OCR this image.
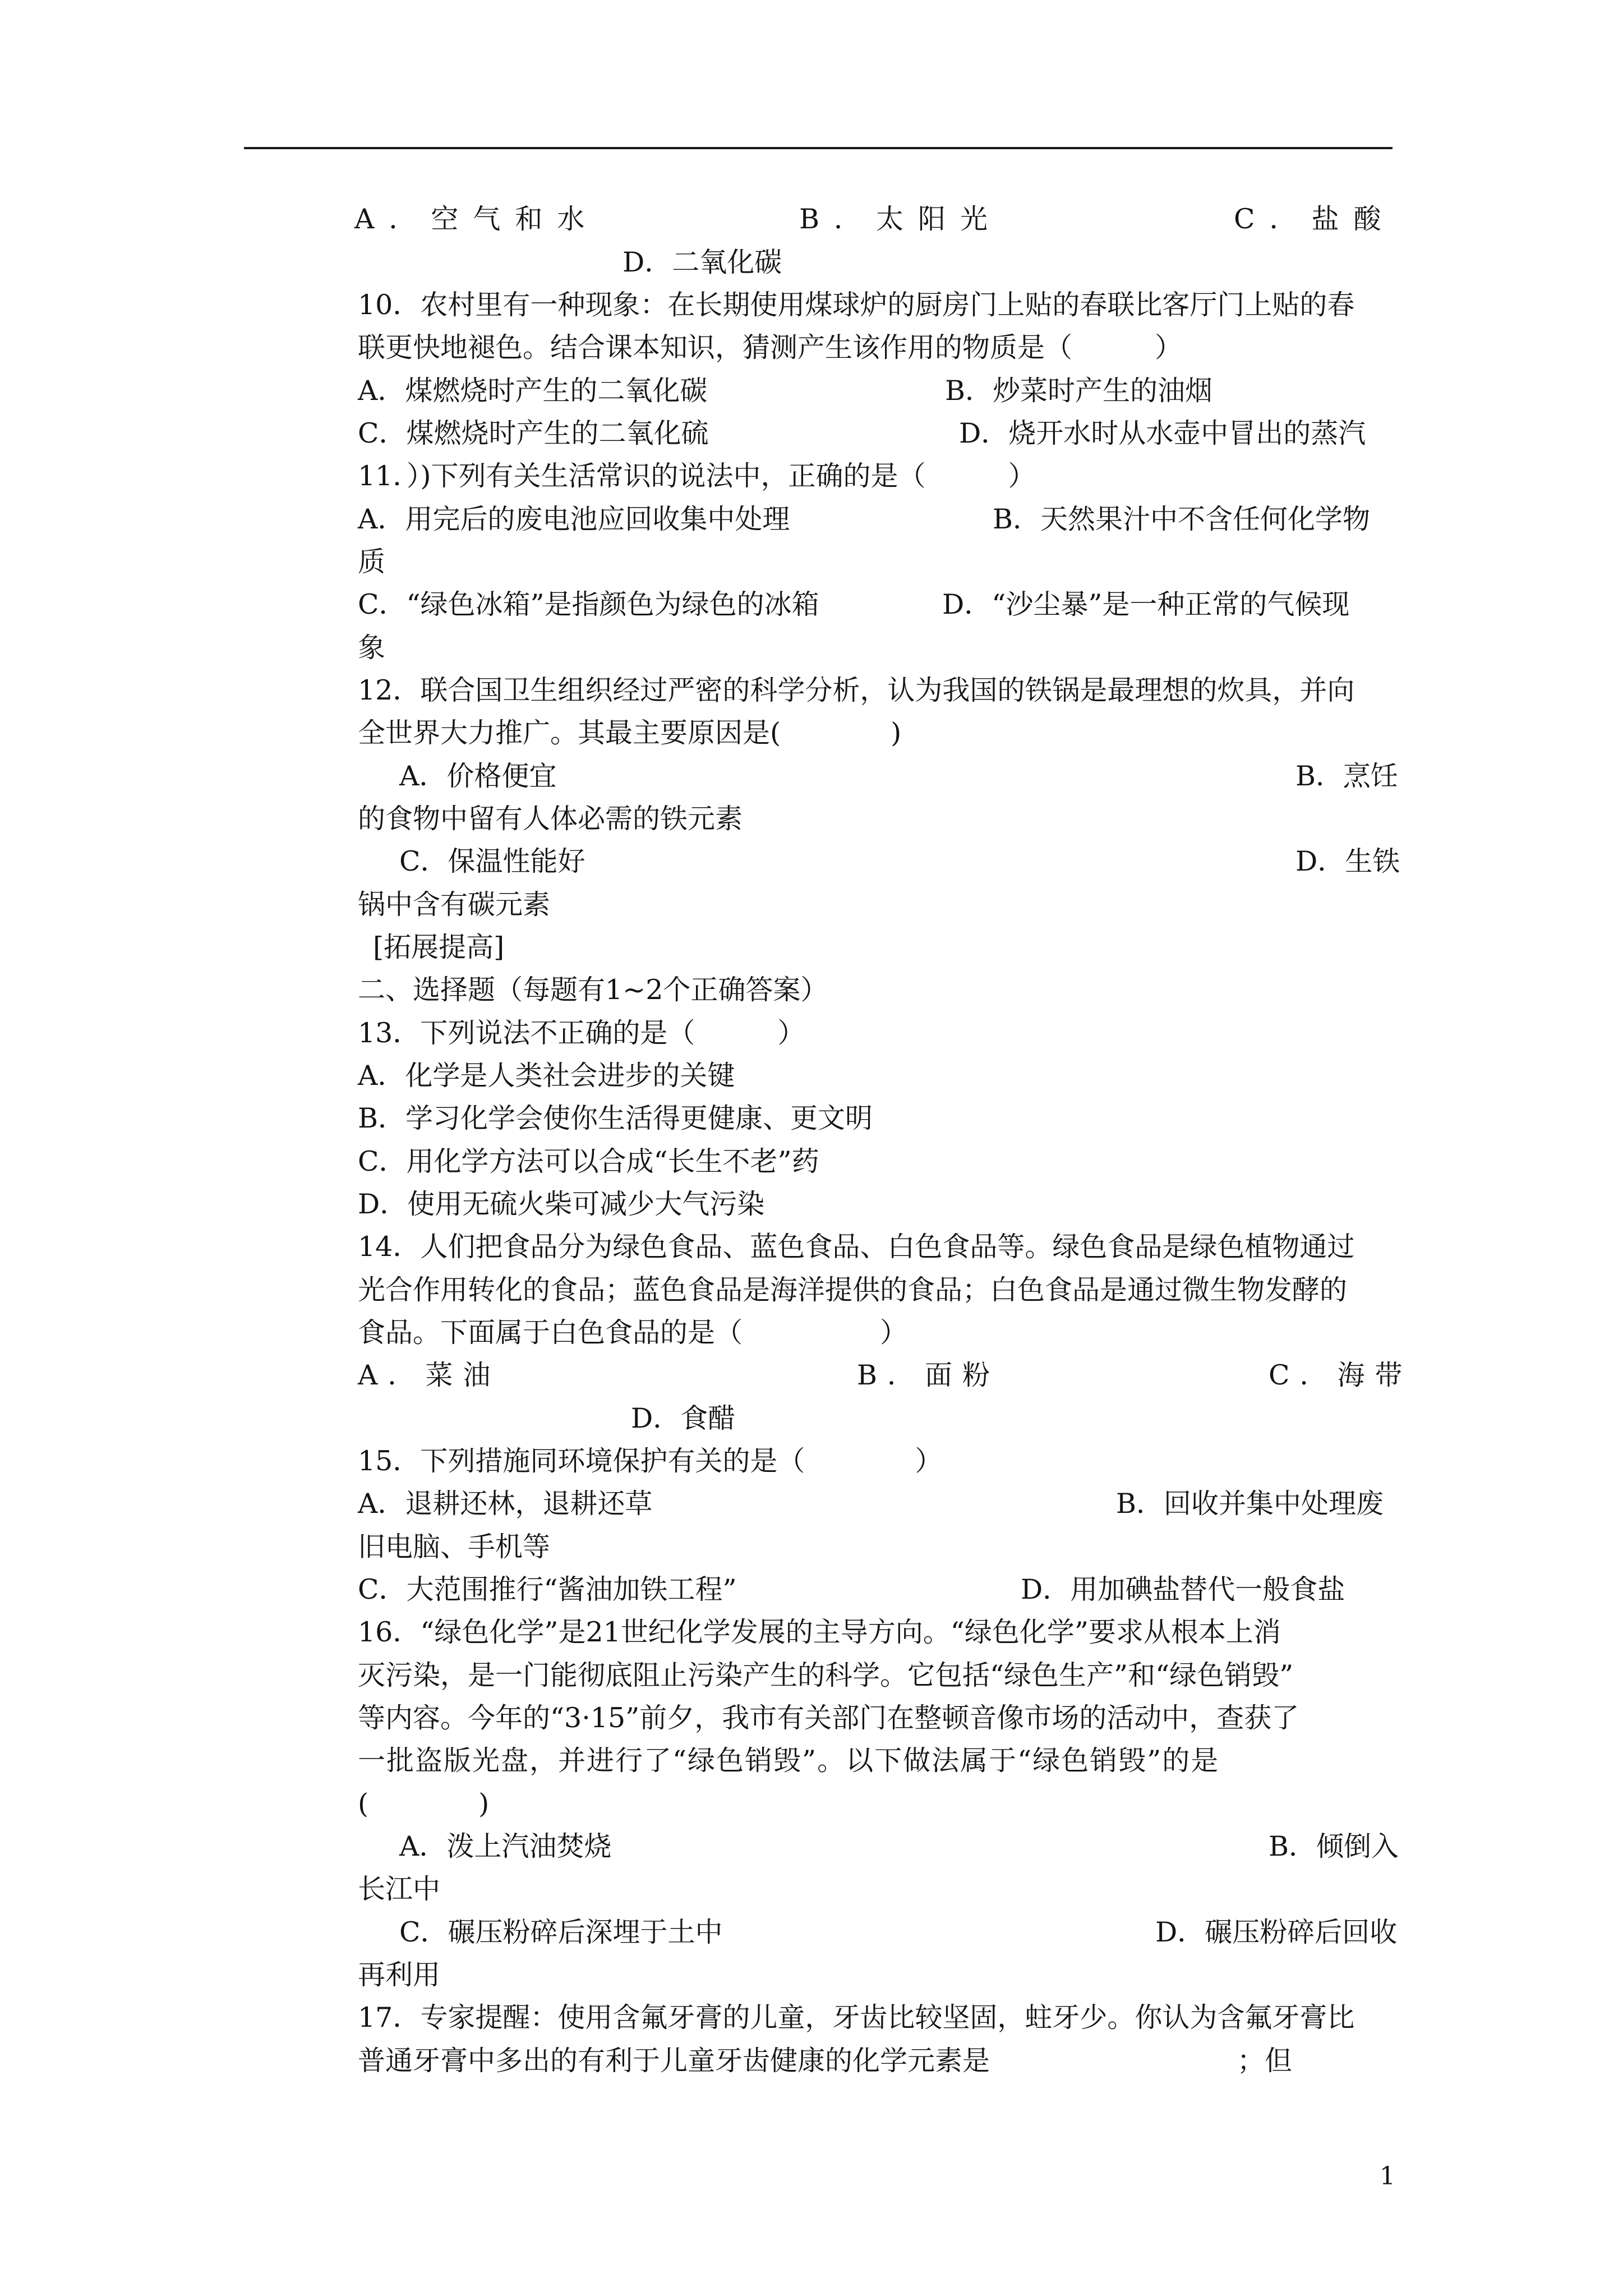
A．空气和水	B．太阳光	C．盐酸
D．二氧化碳
10．农村里有一种现象：在长期使用煤球炉的厨房门上贴的春联比客厅门上贴的春
联更快地褪色。结合课本知识，猜测产生该作用的物质是（　　　）
A．煤燃烧时产生的二氧化碳	B．炒菜时产生的油烟
C．煤燃烧时产生的二氧化硫	D．烧开水时从水壶中冒出的蒸汽
11．）)下列有关生活常识的说法中，正确的是（　　　）
A．用完后的废电池应回收集中处理	B．天然果汁中不含任何化学物
质
C．“绿色冰箱”是指颜色为绿色的冰箱	D．“沙尘暴”是一种正常的气候现
象
12．联合国卫生组织经过严密的科学分析，认为我国的铁锅是最理想的炊具，并向
全世界大力推广。其最主要原因是(　　　　)
A．价格便宜	B．烹饪
的食物中留有人体必需的铁元素
C．保温性能好	D．生铁
锅中含有碳元素
[拓展提高]
二、选择题（每题有1~2个正确答案）
13．下列说法不正确的是（　　　）
A．化学是人类社会进步的关键
B．学习化学会使你生活得更健康、更文明
C．用化学方法可以合成“长生不老”药
D．使用无硫火柴可减少大气污染
14．人们把食品分为绿色食品、蓝色食品、白色食品等。绿色食品是绿色植物通过
光合作用转化的食品；蓝色食品是海洋提供的食品；白色食品是通过微生物发酵的
食品。下面属于白色食品的是（　　　　　）
A．菜油	B．面粉	C．海带
D．食醋
15．下列措施同环境保护有关的是（　　　　）
A．退耕还林，退耕还草	B．回收并集中处理废
旧电脑、手机等
C．大范围推行“酱油加铁工程”	D．用加碘盐替代一般食盐
16．“绿色化学”是21世纪化学发展的主导方向。“绿色化学”要求从根本上消
灭污染，是一门能彻底阻止污染产生的科学。它包括“绿色生产”和“绿色销毁”
等内容。今年的“3·15”前夕，我市有关部门在整顿音像市场的活动中，查获了
一批盗版光盘，并进行了“绿色销毁”。以下做法属于“绿色销毁”的是
(　　　　)
A．泼上汽油焚烧	B．倾倒入
长江中
C．碾压粉碎后深埋于土中	D．碾压粉碎后回收
再利用
17．专家提醒：使用含氟牙膏的儿童，牙齿比较坚固，蛀牙少。你认为含氟牙膏比
普通牙膏中多出的有利于儿童牙齿健康的化学元素是　　　　　　　　　；但
1
